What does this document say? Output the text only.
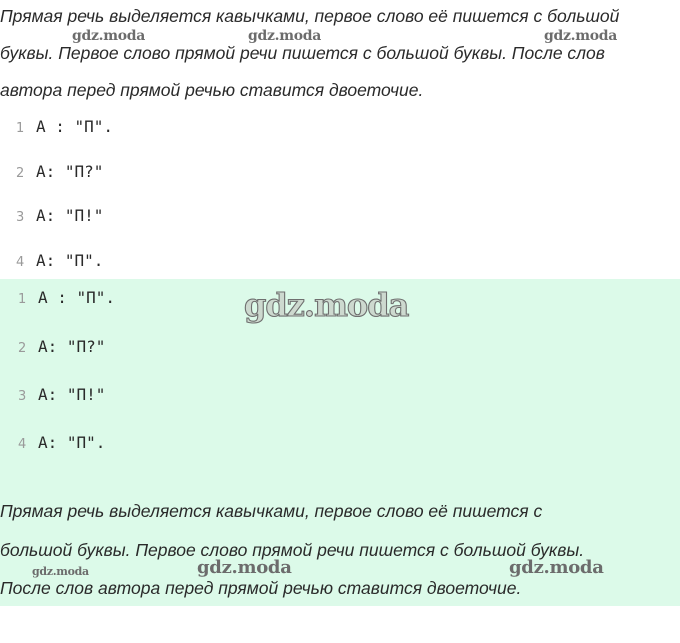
Прямая речь выделяется кавычками, первое слово её пишется с большой

gdz.moda	gdz.moda	gdz.moda

буквы. Первое слово прямой речи пишется с большой буквы. После слов

автора перед прямой речью ставится двоеточие.

1 А : "П".

2 А: "П?"

3 А: "П!"

4 А: "П".

gdz.moda

1 А : "П".

2 А: "П?"

3 А: "П!"

4 А: "П".

Прямая речь выделяется кавычками, первое слово её пишется с

большой буквы. Первое слово прямой речи пишется с большой буквы.

gdz.moda	gdz.moda	gdz.moda

После слов автора перед прямой речью ставится двоеточие.
